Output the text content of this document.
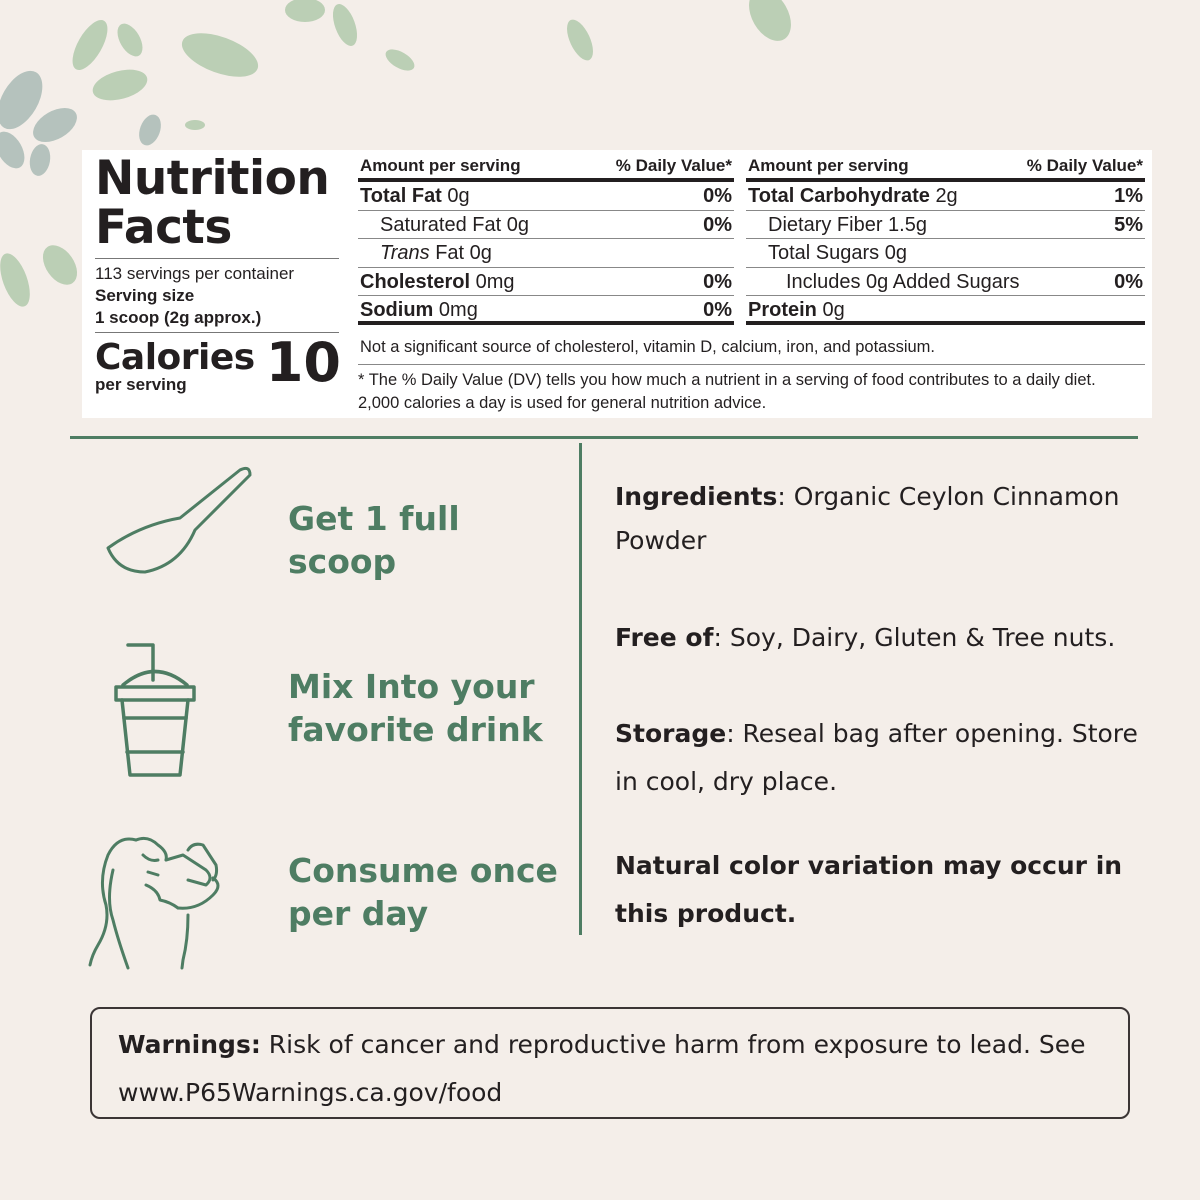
Nutrition
Facts
113 servings per container
Serving size
1 scoop (2g approx.)
Calories
per serving 10
Amount per serving	% Daily Value*
Total Fat 0g	0%
Saturated Fat 0g	0%
Trans Fat 0g
Cholesterol 0mg	0%
Sodium 0mg	0%
Amount per serving	% Daily Value*
Total Carbohydrate 2g	1%
Dietary Fiber 1.5g	5%
Total Sugars 0g
Includes 0g Added Sugars	0%
Protein 0g
Not a significant source of cholesterol, vitamin D, calcium, iron, and potassium.
* The % Daily Value (DV) tells you how much a nutrient in a serving of food contributes to a daily diet. 2,000 calories a day is used for general nutrition advice.
Get 1 full scoop
Mix Into your favorite drink
Consume once per day
Ingredients: Organic Ceylon Cinnamon Powder
Free of: Soy, Dairy, Gluten & Tree nuts.
Storage: Reseal bag after opening. Store in cool, dry place.
Natural color variation may occur in this product.
Warnings: Risk of cancer and reproductive harm from exposure to lead. See www.P65Warnings.ca.gov/food
